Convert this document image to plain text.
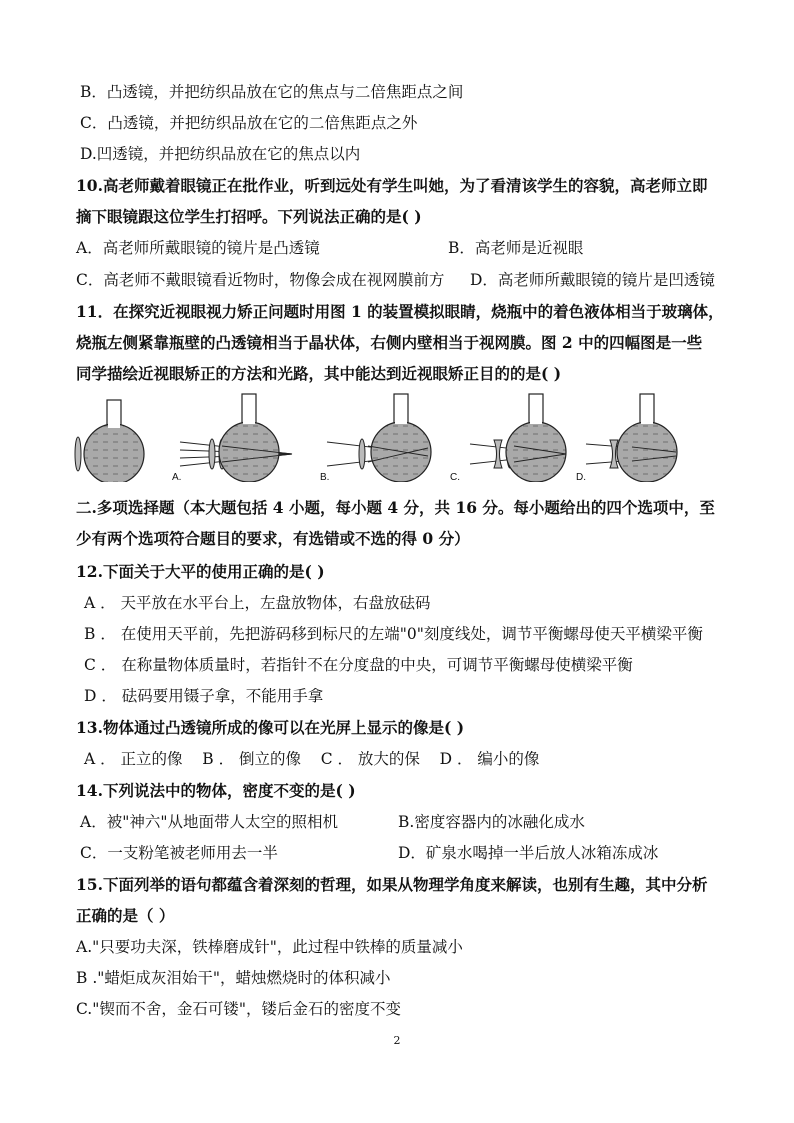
B．凸透镜，并把纺织品放在它的焦点与二倍焦距点之间
C．凸透镜，并把纺织品放在它的二倍焦距点之外
D.凹透镜，并把纺织品放在它的焦点以内
10.高老师戴着眼镜正在批作业，听到远处有学生叫她，为了看清该学生的容貌，高老师立即
摘下眼镜跟这位学生打招呼。下列说法正确的是( )
A．高老师所戴眼镜的镜片是凸透镜	B．高老师是近视眼
C．高老师不戴眼镜看近物时，物像会成在视网膜前方 D．高老师所戴眼镜的镜片是凹透镜
11．在探究近视眼视力矫正问题时用图 1 的装置模拟眼睛，烧瓶中的着色液体相当于玻璃体，
烧瓶左侧紧靠瓶壁的凸透镜相当于晶状体，右侧内壁相当于视网膜。图 2 中的四幅图是一些
同学描绘近视眼矫正的方法和光路，其中能达到近视眼矫正目的的是( )
A.	B.	C.	D.
二.多项选择题（本大题包括 4 小题，每小题 4 分，共 16 分。每小题给出的四个选项中，至
少有两个选项符合题目的要求，有选错或不选的得 0 分）
12.下面关于大平的使用正确的是( )
A ． 天平放在水平台上，左盘放物体，右盘放砝码
B ． 在使用天平前，先把游码移到标尺的左端"0"刻度线处，调节平衡螺母使天平横梁平衡
C ． 在称量物体质量时，若指针不在分度盘的中央，可调节平衡螺母使横梁平衡
D ． 砝码要用镊子拿，不能用手拿
13.物体通过凸透镜所成的像可以在光屏上显示的像是( )
A ． 正立的像    B ． 倒立的像    C ． 放大的保    D ． 编小的像
14.下列说法中的物体，密度不变的是( )
A．被"神六"从地面带人太空的照相机	B.密度容器内的冰融化成水
C．一支粉笔被老师用去一半	D．矿泉水喝掉一半后放人冰箱冻成冰
15.下面列举的语句都蕴含着深刻的哲理，如果从物理学角度来解读，也别有生趣，其中分析
正确的是（ ）
A."只要功夫深，铁棒磨成针"，此过程中铁棒的质量减小
B ."蜡炬成灰泪始干"，蜡烛燃烧时的体积减小
C."锲而不舍，金石可镂"，镂后金石的密度不变
2
